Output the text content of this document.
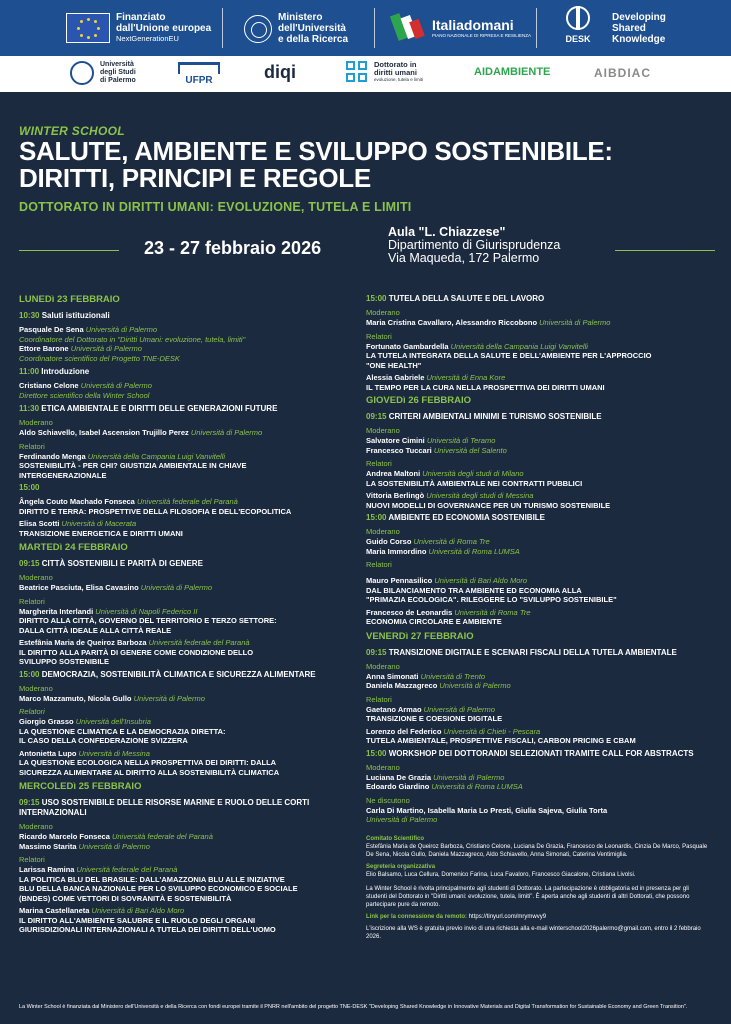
Finanziato
dall'Unione europea
NextGenerationEU
Ministero
dell'Università
e della Ricerca
Italiadomani
PIANO NAZIONALE DI RIPRESA E RESILIENZA	DESK
Developing
Shared
Knowledge
Università
degli Studi
di Palermo	UFPR	diqi	Dottorato in
diritti umani
evoluzione, tutela e limiti
AIDAMBIENTE	AIBDIAC
WINTER SCHOOL
SALUTE, AMBIENTE E SVILUPPO SOSTENIBILE:
DIRITTI, PRINCIPI E REGOLE
DOTTORATO IN DIRITTI UMANI: EVOLUZIONE, TUTELA E LIMITI
23 - 27 febbraio 2026
Aula "L. Chiazzese"
Dipartimento di Giurisprudenza
Via Maqueda, 172 Palermo
LUNEDì 23 FEBBRAIO
10:30 Saluti istituzionali
Pasquale De Sena Università di Palermo
Coordinatore del Dottorato in "Diritti Umani: evoluzione, tutela, limiti"
Ettore Barone Università di Palermo
Coordinatore scientifico del Progetto TNE-DESK
11:00 Introduzione
Cristiano Celone Università di Palermo
Direttore scientifico della Winter School
11:30 ETICA AMBIENTALE E DIRITTI DELLE GENERAZIONI FUTURE
Moderano
Aldo Schiavello, Isabel Ascension Trujillo Perez Università di Palermo
Relatori
Ferdinando Menga Università della Campania Luigi Vanvitelli
SOSTENIBILITÀ - PER CHI? GIUSTIZIA AMBIENTALE IN CHIAVE
INTERGENERAZIONALE
15:00
Ângela Couto Machado Fonseca Università federale del Paranà
DIRITTO E TERRA: PROSPETTIVE DELLA FILOSOFIA E DELL'ECOPOLITICA
Elisa Scotti Università di Macerata
TRANSIZIONE ENERGETICA E DIRITTI UMANI
MARTEDì 24 FEBBRAIO
09:15 CITTÀ SOSTENIBILI E PARITÀ DI GENERE
Moderano
Beatrice Pasciuta, Elisa Cavasino Università di Palermo
Relatori
Margherita Interlandi Università di Napoli Federico II
DIRITTO ALLA CITTÀ, GOVERNO DEL TERRITORIO E TERZO SETTORE:
DALLA CITTÀ IDEALE ALLA CITTÀ REALE
Estefânia Maria de Queiroz Barboza Università federale del Paranà
IL DIRITTO ALLA PARITÀ DI GENERE COME CONDIZIONE DELLO
SVILUPPO SOSTENIBILE
15:00 DEMOCRAZIA, SOSTENIBILITÀ CLIMATICA E SICUREZZA ALIMENTARE
Moderano
Marco Mazzamuto, Nicola Gullo Università di Palermo
Relatori
Giorgio Grasso Università dell'Insubria
LA QUESTIONE CLIMATICA E LA DEMOCRAZIA DIRETTA:
IL CASO DELLA CONFEDERAZIONE SVIZZERA
Antonietta Lupo Università di Messina
LA QUESTIONE ECOLOGICA NELLA PROSPETTIVA DEI DIRITTI: DALLA
SICUREZZA ALIMENTARE AL DIRITTO ALLA SOSTENIBILITÀ CLIMATICA
MERCOLEDì 25 FEBBRAIO
09:15 USO SOSTENIBILE DELLE RISORSE MARINE E RUOLO DELLE CORTI
INTERNAZIONALI
Moderano
Ricardo Marcelo Fonseca Università federale del Paranà
Massimo Starita Università di Palermo
Relatori
Larissa Ramina Università federale del Paranà
LA POLITICA BLU DEL BRASILE: DALL'AMAZZONIA BLU ALLE INIZIATIVE
BLU DELLA BANCA NAZIONALE PER LO SVILUPPO ECONOMICO E SOCIALE
(BNDES) COME VETTORI DI SOVRANITÀ E SOSTENIBILITÀ
Marina Castellaneta Università di Bari Aldo Moro
IL DIRITTO ALL'AMBIENTE SALUBRE E IL RUOLO DEGLI ORGANI
GIURISDIZIONALI INTERNAZIONALI A TUTELA DEI DIRITTI DELL'UOMO
15:00 TUTELA DELLA SALUTE E DEL LAVORO
Moderano
Maria Cristina Cavallaro, Alessandro Riccobono Università di Palermo
Relatori
Fortunato Gambardella Università della Campania Luigi Vanvitelli
LA TUTELA INTEGRATA DELLA SALUTE E DELL'AMBIENTE PER L'APPROCCIO
"ONE HEALTH"
Alessia Gabriele Università di Enna Kore
IL TEMPO PER LA CURA NELLA PROSPETTIVA DEI DIRITTI UMANI
GIOVEDì 26 FEBBRAIO
09:15 CRITERI AMBIENTALI MINIMI E TURISMO SOSTENIBILE
Moderano
Salvatore Cimini Università di Teramo
Francesco Tuccari Università del Salento
Relatori
Andrea Maltoni Università degli studi di Milano
LA SOSTENIBILITÀ AMBIENTALE NEI CONTRATTI PUBBLICI
Vittoria Berlingò Università degli studi di Messina
NUOVI MODELLI DI GOVERNANCE PER UN TURISMO SOSTENIBILE
15:00 AMBIENTE ED ECONOMIA SOSTENIBILE
Moderano
Guido Corso Università di Roma Tre
Maria Immordino Università di Roma LUMSA
Relatori
Mauro Pennasilico Università di Bari Aldo Moro
DAL BILANCIAMENTO TRA AMBIENTE ED ECONOMIA ALLA
"PRIMAZIA ECOLOGICA". RILEGGERE LO "SVILUPPO SOSTENIBILE"
Francesco de Leonardis Università di Roma Tre
ECONOMIA CIRCOLARE E AMBIENTE
VENERDì 27 FEBBRAIO
09:15 TRANSIZIONE DIGITALE E SCENARI FISCALI DELLA TUTELA AMBIENTALE
Moderano
Anna Simonati Università di Trento
Daniela Mazzagreco Università di Palermo
Relatori
Gaetano Armao Università di Palermo
TRANSIZIONE E COESIONE DIGITALE
Lorenzo del Federico Università di Chieti - Pescara
TUTELA AMBIENTALE, PROSPETTIVE FISCALI, CARBON PRICING E CBAM
15:00 WORKSHOP DEI DOTTORANDI SELEZIONATI TRAMITE CALL FOR ABSTRACTS
Moderano
Luciana De Grazia Università di Palermo
Edoardo Giardino Università di Roma LUMSA
Ne discutono
Carla Di Martino, Isabella Maria Lo Presti, Giulia Sajeva, Giulia Torta
Università di Palermo
Comitato Scientifico
Estefânia Maria de Queiroz Barboza, Cristiano Celone, Luciana De Grazia, Francesco de Leonardis, Cinzia De Marco, Pasquale De Sena, Nicola Gullo, Daniela Mazzagreco, Aldo Schiavello, Anna Simonati, Caterina Ventimiglia.
Segreteria organizzativa
Elio Balsamo, Luca Cellura, Domenico Farina, Luca Favaloro, Francesco Giacalone, Cristiana Livolsi.
La Winter School è rivolta principalmente agli studenti di Dottorato. La partecipazione è obbligatoria ed in presenza per gli studenti del Dottorato in "Diritti umani: evoluzione, tutela, limiti". È aperta anche agli studenti di altri Dottorati, che possono partecipare pure da remoto.
Link per la connessione da remoto: https://tinyurl.com/mrymwvy9
L'iscrizione alla WS è gratuita previo invio di una richiesta alla e-mail winterschool2026palermo@gmail.com, entro il 2 febbraio 2026.
La Winter School è finanziata dal Ministero dell'Università e della Ricerca con fondi europei tramite il PNRR nell'ambito del progetto TNE-DESK "Developing Shared Knowledge in Innovative Materials and Digital Transformation for Sustainable Economy and Green Transition".
